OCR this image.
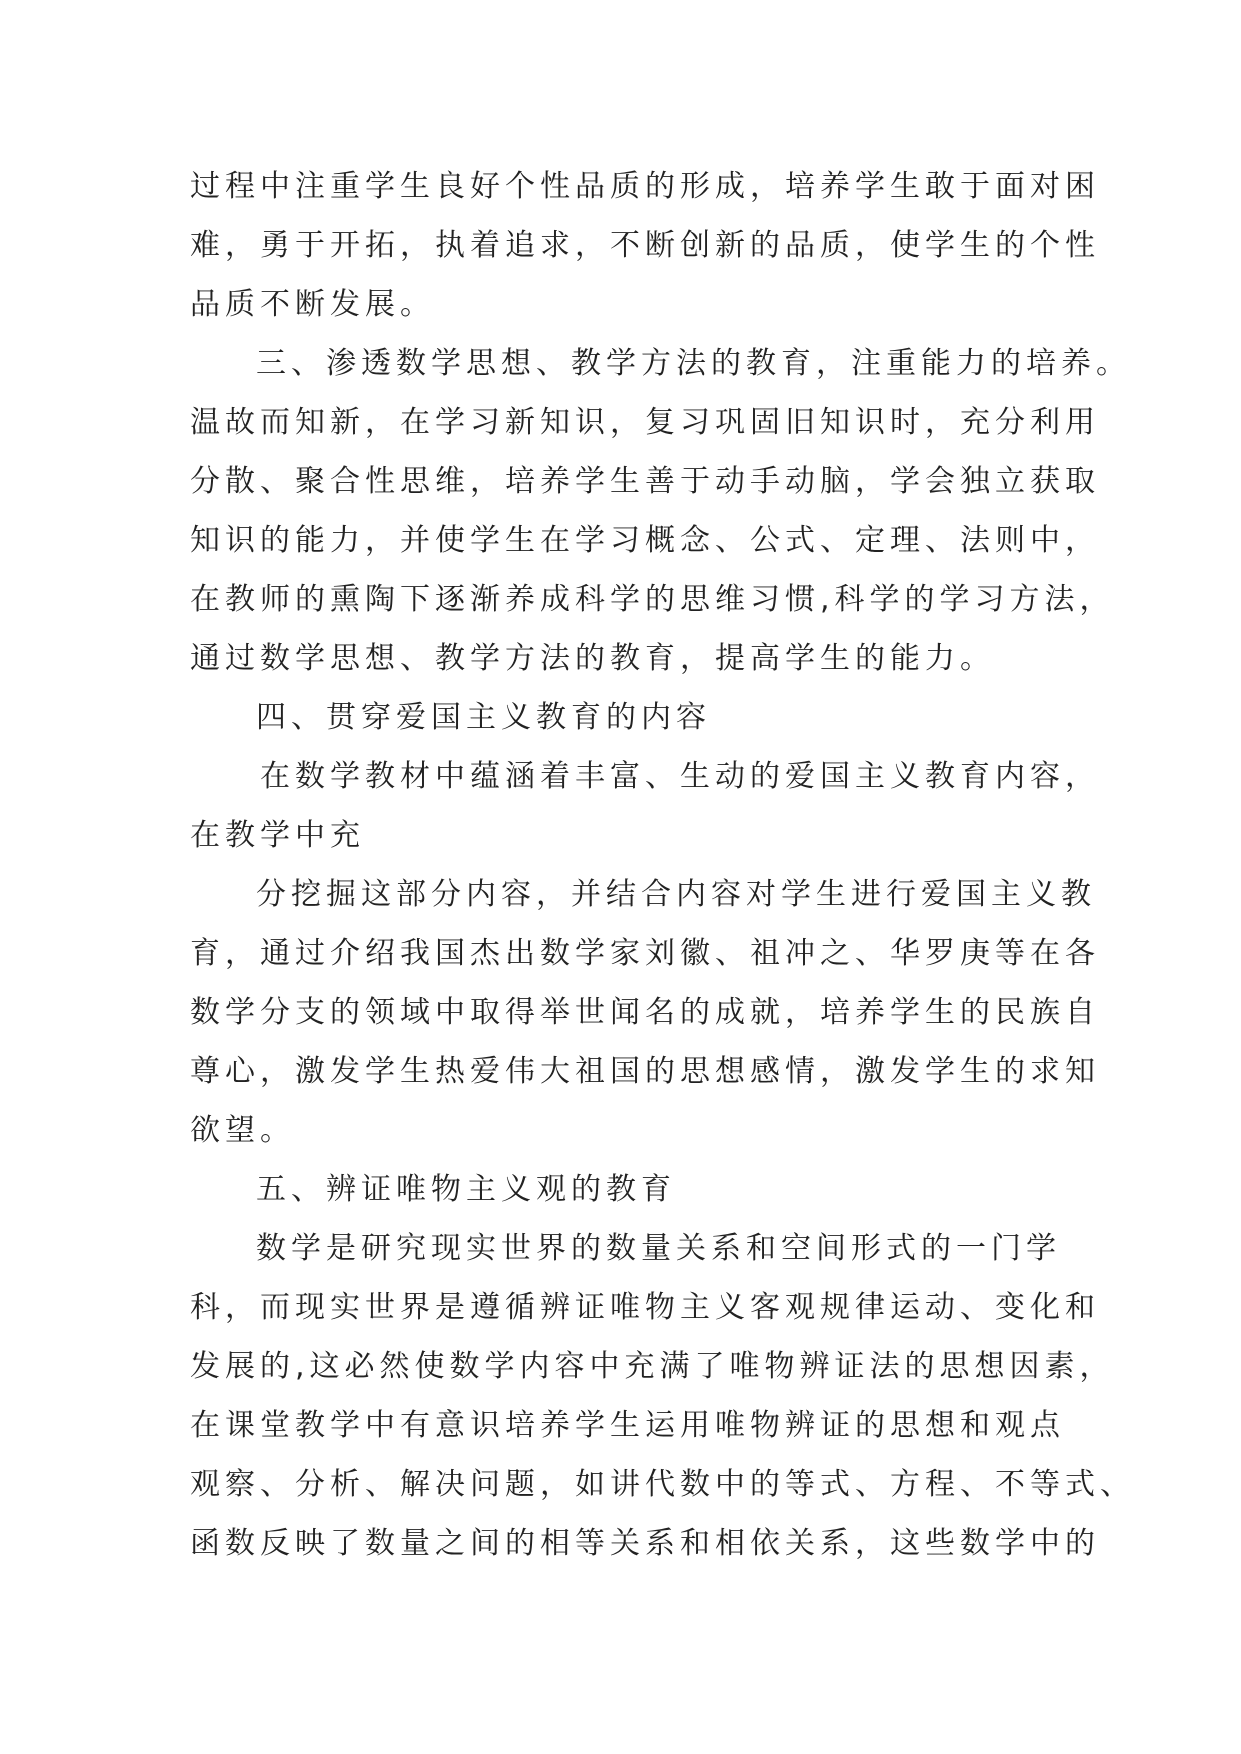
过程中注重学生良好个性品质的形成，培养学生敢于面对困
难，勇于开拓，执着追求，不断创新的品质，使学生的个性
品质不断发展。
三、渗透数学思想、教学方法的教育，注重能力的培养。
温故而知新，在学习新知识，复习巩固旧知识时，充分利用
分散、聚合性思维，培养学生善于动手动脑，学会独立获取
知识的能力，并使学生在学习概念、公式、定理、法则中，
在教师的熏陶下逐渐养成科学的思维习惯,科学的学习方法，
通过数学思想、教学方法的教育，提高学生的能力。
四、贯穿爱国主义教育的内容
在数学教材中蕴涵着丰富、生动的爱国主义教育内容，
在教学中充
分挖掘这部分内容，并结合内容对学生进行爱国主义教
育，通过介绍我国杰出数学家刘徽、祖冲之、华罗庚等在各
数学分支的领域中取得举世闻名的成就，培养学生的民族自
尊心，激发学生热爱伟大祖国的思想感情，激发学生的求知
欲望。
五、辨证唯物主义观的教育
数学是研究现实世界的数量关系和空间形式的一门学
科，而现实世界是遵循辨证唯物主义客观规律运动、变化和
发展的,这必然使数学内容中充满了唯物辨证法的思想因素，
在课堂教学中有意识培养学生运用唯物辨证的思想和观点
观察、分析、解决问题，如讲代数中的等式、方程、不等式、
函数反映了数量之间的相等关系和相依关系，这些数学中的
